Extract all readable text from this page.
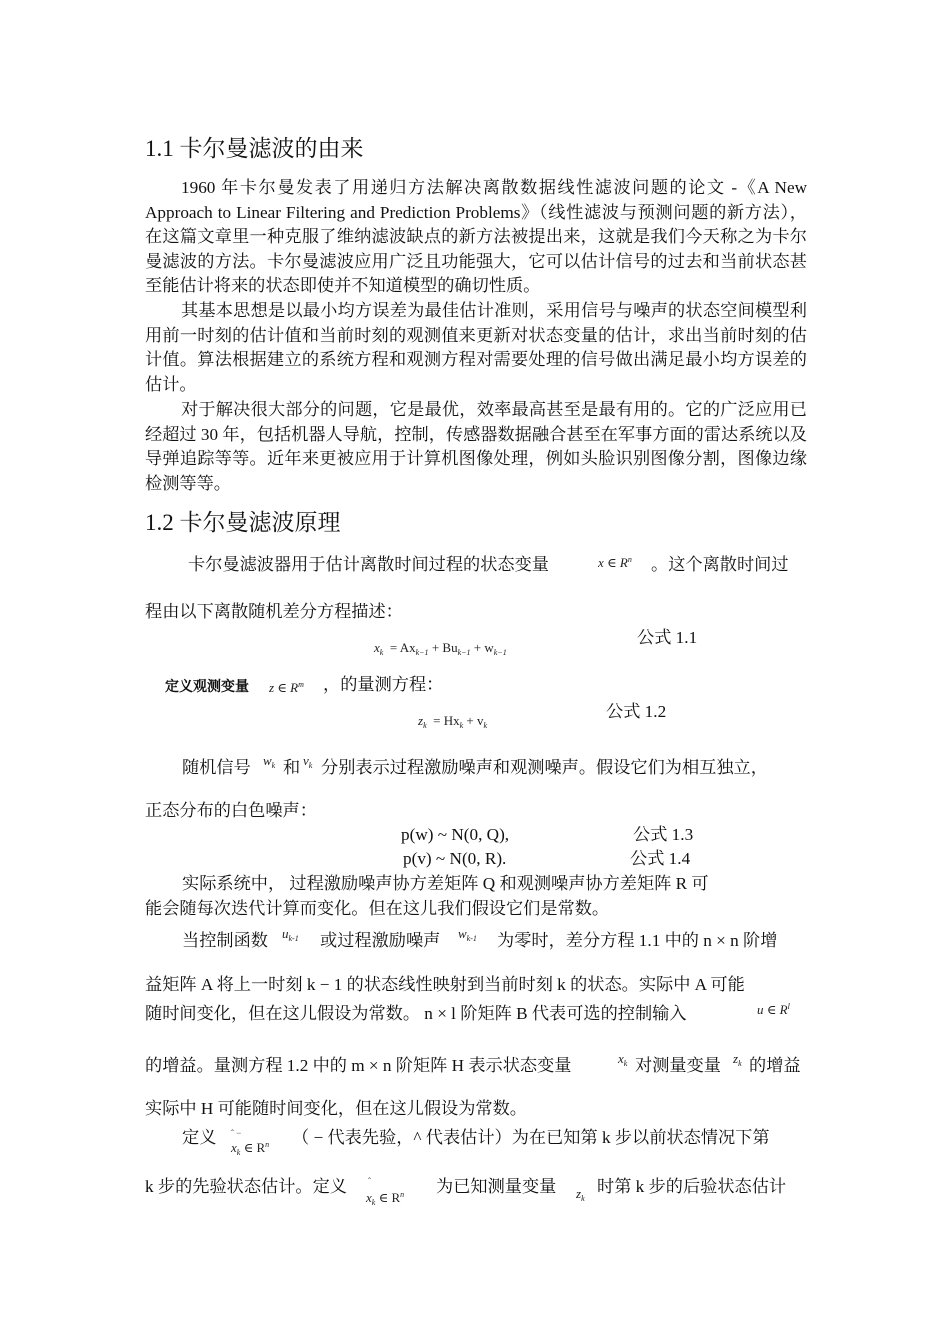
1.1 卡尔曼滤波的由来
1960 年卡尔曼发表了用递归方法解决离散数据线性滤波问题的论文 -《A New Approach to Linear Filtering and Prediction Problems》（线性滤波与预测问题的新方法），在这篇文章里一种克服了维纳滤波缺点的新方法被提出来，这就是我们今天称之为卡尔曼滤波的方法。卡尔曼滤波应用广泛且功能强大，它可以估计信号的过去和当前状态甚至能估计将来的状态即使并不知道模型的确切性质。
其基本思想是以最小均方误差为最佳估计准则，采用信号与噪声的状态空间模型利用前一时刻的估计值和当前时刻的观测值来更新对状态变量的估计，求出当前时刻的估计值。算法根据建立的系统方程和观测方程对需要处理的信号做出满足最小均方误差的估计。
对于解决很大部分的问题，它是最优，效率最高甚至是最有用的。它的广泛应用已经超过 30 年，包括机器人导航，控制，传感器数据融合甚至在军事方面的雷达系统以及导弹追踪等等。近年来更被应用于计算机图像处理，例如头脸识别图像分割，图像边缘检测等等。
1.2 卡尔曼滤波原理
卡尔曼滤波器用于估计离散时间过程的状态变量	x ∈ $R^n$ 。这个离散时间过
程由以下离散随机差分方程描述：
$x_k = Ax_{k-1} + Bu_{k-1} + w_{k-1}$
公式 1.1
定义观测变量 z ∈ $R^m$ ，的量测方程：
$z_k = Hx_k + v_k$
公式 1.2
随机信号 $w_k$ 和 $v_k$ 分别表示过程激励噪声和观测噪声。假设它们为相互独立，
正态分布的白色噪声：
p(w) ~ N(0, Q),	公式 1.3
p(v) ~ N(0, R).	公式 1.4
实际系统中， 过程激励噪声协方差矩阵 Q 和观测噪声协方差矩阵 R 可
能会随每次迭代计算而变化。但在这儿我们假设它们是常数。
当控制函数 $u_{k-1}$ 或过程激励噪声 $w_{k-1}$ 为零时，差分方程 1.1 中的 n × n 阶增
益矩阵 A 将上一时刻 k − 1 的状态线性映射到当前时刻 k 的状态。实际中 A 可能
随时间变化，但在这儿假设为常数。 n × l 阶矩阵 B 代表可选的控制输入	u ∈ $R^l$
的增益。量测方程 1.2 中的 m × n 阶矩阵 H 表示状态变量	$x_k$ 对测量变量 $z_k$ 的增益
实际中 H 可能随时间变化，但在这儿假设为常数。
定义 ˆ −
$x_k$ ∈ $R^n$ （ − 代表先验，^ 代表估计）为在已知第 k 步以前状态情况下第
k 步的先验状态估计。定义 ˆ
$x_k$ ∈ $R^n$ 为已知测量变量 $z_k$
时第 k 步的后验状态估计
